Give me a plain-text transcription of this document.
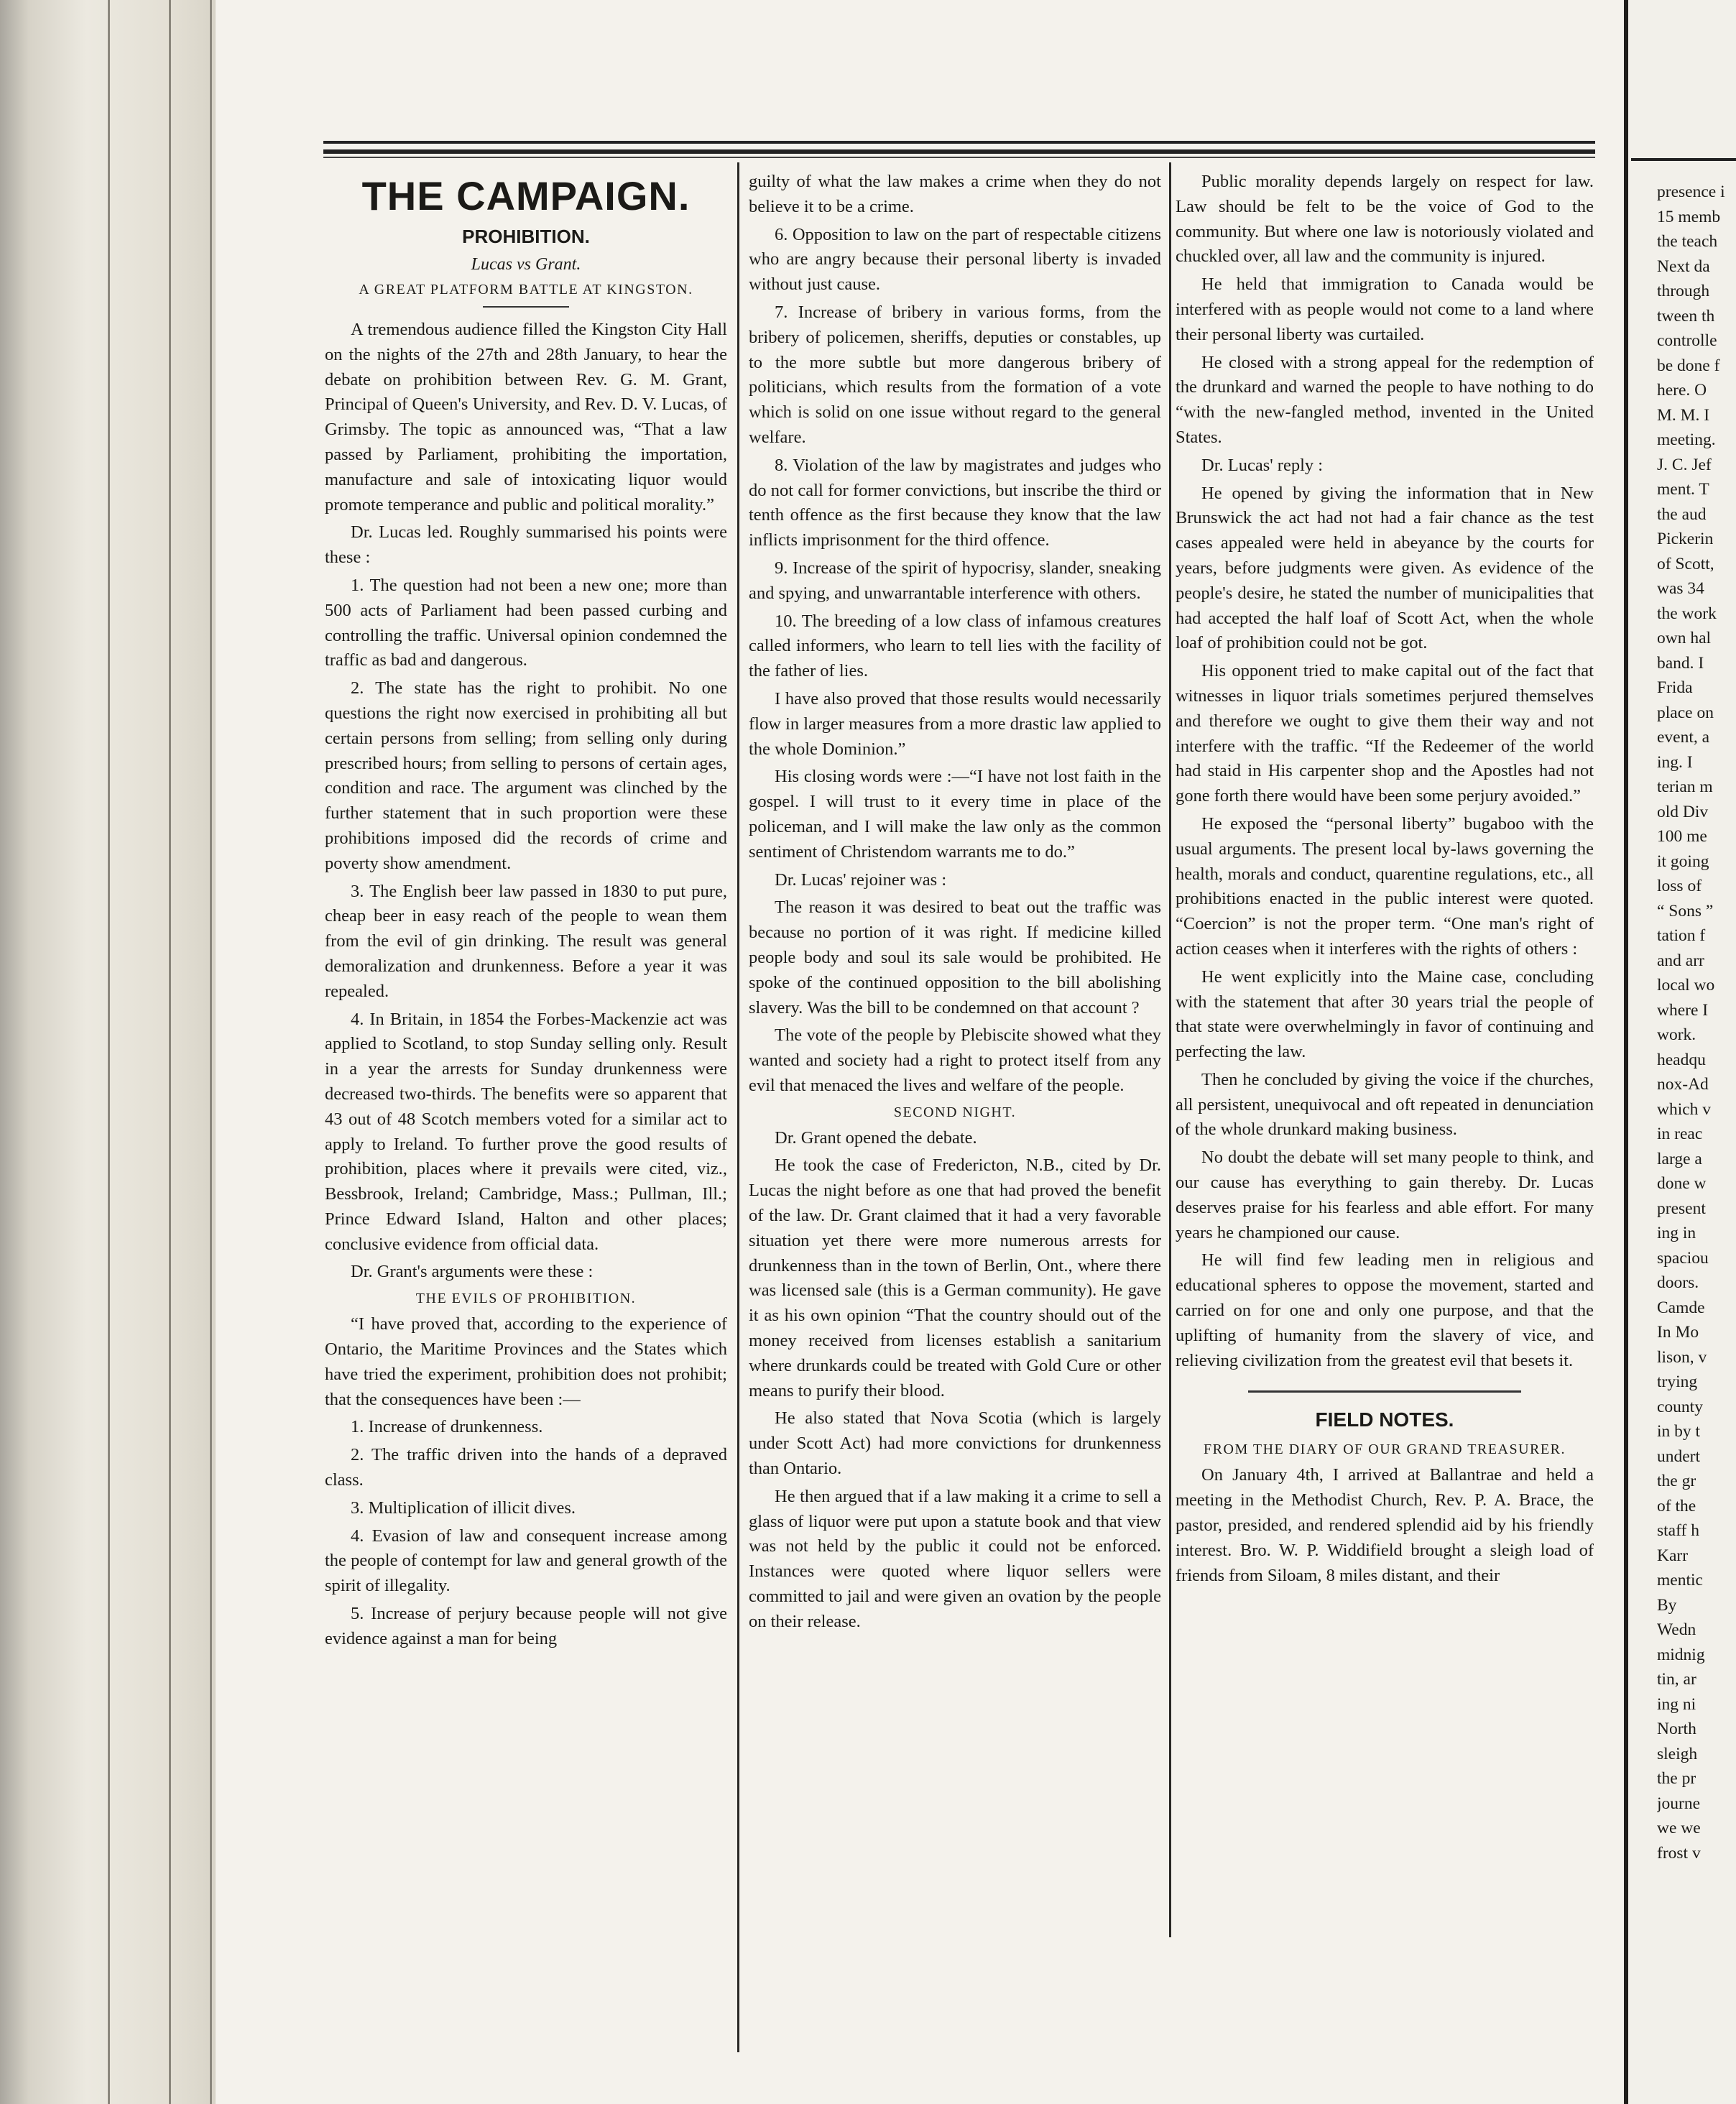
THE CAMPAIGN.
PROHIBITION.
Lucas vs Grant.
A GREAT PLATFORM BATTLE AT KINGSTON.

A tremendous audience filled the Kingston City Hall on the nights of the 27th and 28th January, to hear the debate on prohibition between Rev. G. M. Grant, Principal of Queen's University, and Rev. D. V. Lucas, of Grimsby. The topic as announced was, “That a law passed by Parliament, prohibiting the importation, manufacture and sale of intoxicating liquor would promote temperance and public and political morality.”

Dr. Lucas led. Roughly summarised his points were these :

1. The question had not been a new one; more than 500 acts of Parliament had been passed curbing and controlling the traffic. Universal opinion condemned the traffic as bad and dangerous.

2. The state has the right to prohibit. No one questions the right now exercised in prohibiting all but certain persons from selling; from selling only during prescribed hours; from selling to persons of certain ages, condition and race. The argument was clinched by the further statement that in such proportion were these prohibitions imposed did the records of crime and poverty show amendment.

3. The English beer law passed in 1830 to put pure, cheap beer in easy reach of the people to wean them from the evil of gin drinking. The result was general demoralization and drunkenness. Before a year it was repealed.

4. In Britain, in 1854 the Forbes-Mackenzie act was applied to Scotland, to stop Sunday selling only. Result in a year the arrests for Sunday drunkenness were decreased two-thirds. The benefits were so apparent that 43 out of 48 Scotch members voted for a similar act to apply to Ireland. To further prove the good results of prohibition, places where it prevails were cited, viz., Bessbrook, Ireland; Cambridge, Mass.; Pullman, Ill.; Prince Edward Island, Halton and other places; conclusive evidence from official data.

Dr. Grant's arguments were these :

THE EVILS OF PROHIBITION.

“I have proved that, according to the experience of Ontario, the Maritime Provinces and the States which have tried the experiment, prohibition does not prohibit; that the consequences have been :—

1. Increase of drunkenness.

2. The traffic driven into the hands of a depraved class.

3. Multiplication of illicit dives.

4. Evasion of law and consequent increase among the people of contempt for law and general growth of the spirit of illegality.

5. Increase of perjury because people will not give evidence against a man for being

guilty of what the law makes a crime when they do not believe it to be a crime.

6. Opposition to law on the part of respectable citizens who are angry because their personal liberty is invaded without just cause.

7. Increase of bribery in various forms, from the bribery of policemen, sheriffs, deputies or constables, up to the more subtle but more dangerous bribery of politicians, which results from the formation of a vote which is solid on one issue without regard to the general welfare.

8. Violation of the law by magistrates and judges who do not call for former convictions, but inscribe the third or tenth offence as the first because they know that the law inflicts imprisonment for the third offence.

9. Increase of the spirit of hypocrisy, slander, sneaking and spying, and unwarrantable interference with others.

10. The breeding of a low class of infamous creatures called informers, who learn to tell lies with the facility of the father of lies.

I have also proved that those results would necessarily flow in larger measures from a more drastic law applied to the whole Dominion.”

His closing words were :—“I have not lost faith in the gospel. I will trust to it every time in place of the policeman, and I will make the law only as the common sentiment of Christendom warrants me to do.”

Dr. Lucas' rejoiner was :

The reason it was desired to beat out the traffic was because no portion of it was right. If medicine killed people body and soul its sale would be prohibited. He spoke of the continued opposition to the bill abolishing slavery. Was the bill to be condemned on that account ?

The vote of the people by Plebiscite showed what they wanted and society had a right to protect itself from any evil that menaced the lives and welfare of the people.

SECOND NIGHT.

Dr. Grant opened the debate.

He took the case of Fredericton, N.B., cited by Dr. Lucas the night before as one that had proved the benefit of the law. Dr. Grant claimed that it had a very favorable situation yet there were more numerous arrests for drunkenness than in the town of Berlin, Ont., where there was licensed sale (this is a German community). He gave it as his own opinion “That the country should out of the money received from licenses establish a sanitarium where drunkards could be treated with Gold Cure or other means to purify their blood.

He also stated that Nova Scotia (which is largely under Scott Act) had more convictions for drunkenness than Ontario.

He then argued that if a law making it a crime to sell a glass of liquor were put upon a statute book and that view was not held by the public it could not be enforced. Instances were quoted where liquor sellers were committed to jail and were given an ovation by the people on their release.

Public morality depends largely on respect for law. Law should be felt to be the voice of God to the community. But where one law is notoriously violated and chuckled over, all law and the community is injured.

He held that immigration to Canada would be interfered with as people would not come to a land where their personal liberty was curtailed.

He closed with a strong appeal for the redemption of the drunkard and warned the people to have nothing to do “with the new-fangled method, invented in the United States.

Dr. Lucas' reply :

He opened by giving the information that in New Brunswick the act had not had a fair chance as the test cases appealed were held in abeyance by the courts for years, before judgments were given. As evidence of the people's desire, he stated the number of municipalities that had accepted the half loaf of Scott Act, when the whole loaf of prohibition could not be got.

His opponent tried to make capital out of the fact that witnesses in liquor trials sometimes perjured themselves and therefore we ought to give them their way and not interfere with the traffic. “If the Redeemer of the world had staid in His carpenter shop and the Apostles had not gone forth there would have been some perjury avoided.”

He exposed the “personal liberty” bugaboo with the usual arguments. The present local by-laws governing the health, morals and conduct, quarentine regulations, etc., all prohibitions enacted in the public interest were quoted. “Coercion” is not the proper term. “One man's right of action ceases when it interferes with the rights of others :

He went explicitly into the Maine case, concluding with the statement that after 30 years trial the people of that state were overwhelmingly in favor of continuing and perfecting the law.

Then he concluded by giving the voice if the churches, all persistent, unequivocal and oft repeated in denunciation of the whole drunkard making business.

No doubt the debate will set many people to think, and our cause has everything to gain thereby. Dr. Lucas deserves praise for his fearless and able effort. For many years he championed our cause.

He will find few leading men in religious and educational spheres to oppose the movement, started and carried on for one and only one purpose, and that the uplifting of humanity from the slavery of vice, and relieving civilization from the greatest evil that besets it.

FIELD NOTES.
FROM THE DIARY OF OUR GRAND TREASURER.

On January 4th, I arrived at Ballantrae and held a meeting in the Methodist Church, Rev. P. A. Brace, the pastor, presided, and rendered splendid aid by his friendly interest. Bro. W. P. Widdifield brought a sleigh load of friends from Siloam, 8 miles distant, and their

presence i
15 memb
the teach
Next da
through
tween th
controlle
be done f
here. O
M. M. I
meeting.
J. C. Jef
ment. T
the aud
Pickerin
of Scott,
was 34
the work
own hal
band. I
Frida
place on
event, a
ing. I
terian m
old Div
100 me
it going
loss of
“ Sons ”
tation f
and arr
local wo
where I
work.
headqu
nox-Ad
which v
in reac
large a
done w
present
ing in
spaciou
doors.
Camde
In Mo
lison, v
trying
county
in by t
undert
the gr
of the
staff h
Karr
mentic
By
Wedn
midnig
tin, ar
ing ni
North
sleigh
the pr
journe
we we
frost v
